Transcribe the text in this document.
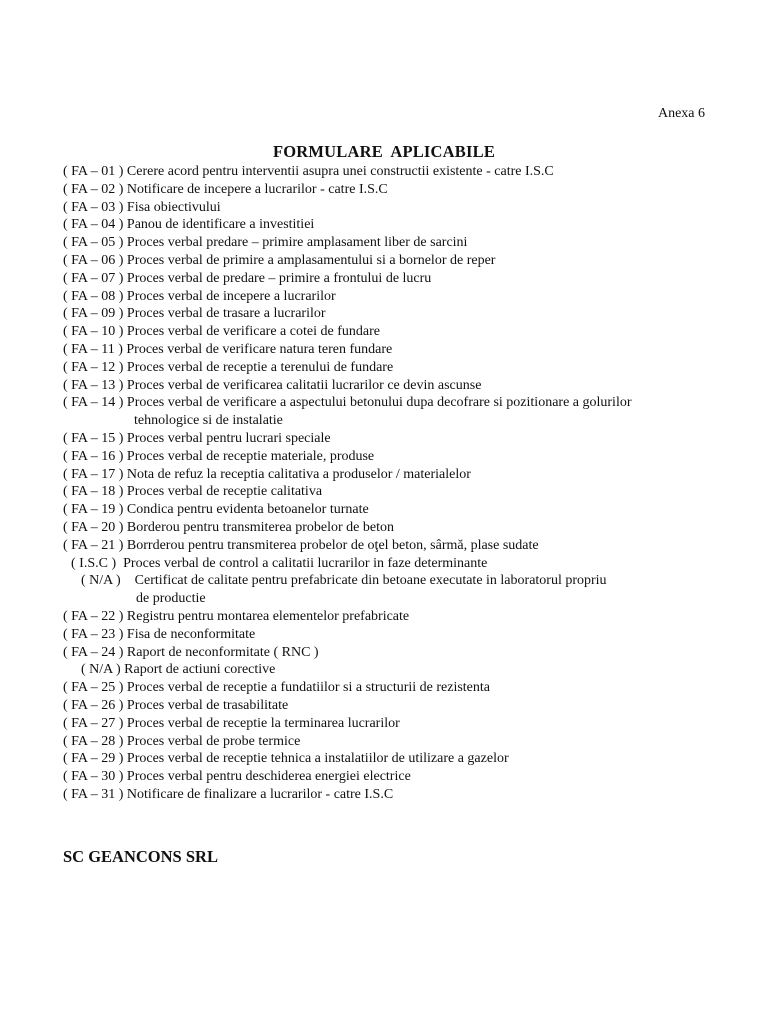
Anexa 6
FORMULARE APLICABILE
( FA – 01 ) Cerere acord pentru interventii asupra unei constructii existente - catre I.S.C
( FA – 02 ) Notificare de incepere a lucrarilor - catre I.S.C
( FA – 03 ) Fisa obiectivului
( FA – 04 ) Panou de identificare a investitiei
( FA – 05 ) Proces verbal predare – primire amplasament liber de sarcini
( FA – 06 ) Proces verbal de primire a amplasamentului si a bornelor de reper
( FA – 07 ) Proces verbal de predare – primire a frontului de lucru
( FA – 08 ) Proces verbal de incepere a lucrarilor
( FA – 09 ) Proces verbal de trasare a lucrarilor
( FA – 10 ) Proces verbal de verificare a cotei de fundare
( FA – 11 ) Proces verbal de verificare natura teren fundare
( FA – 12 ) Proces verbal de receptie a terenului de fundare
( FA – 13 ) Proces verbal de verificarea calitatii lucrarilor ce devin ascunse
( FA – 14 ) Proces verbal de verificare a aspectului betonului dupa decofrare si pozitionare a golurilor
tehnologice si de instalatie
( FA – 15 ) Proces verbal pentru lucrari speciale
( FA – 16 ) Proces verbal de receptie materiale, produse
( FA – 17 ) Nota de refuz la receptia calitativa a produselor / materialelor
( FA – 18 ) Proces verbal de receptie calitativa
( FA – 19 ) Condica pentru evidenta betoanelor turnate
( FA – 20 ) Borderou pentru transmiterea probelor de beton
( FA – 21 ) Borrderou pentru transmiterea probelor de oţel beton, sârmă, plase sudate
( I.S.C ) Proces verbal de control a calitatii lucrarilor in faze determinante
( N/A ) Certificat de calitate pentru prefabricate din betoane executate in laboratorul propriu
de productie
( FA – 22 ) Registru pentru montarea elementelor prefabricate
( FA – 23 ) Fisa de neconformitate
( FA – 24 ) Raport de neconformitate ( RNC )
( N/A ) Raport de actiuni corective
( FA – 25 ) Proces verbal de receptie a fundatiilor si a structurii de rezistenta
( FA – 26 ) Proces verbal de trasabilitate
( FA – 27 ) Proces verbal de receptie la terminarea lucrarilor
( FA – 28 ) Proces verbal de probe termice
( FA – 29 ) Proces verbal de receptie tehnica a instalatiilor de utilizare a gazelor
( FA – 30 ) Proces verbal pentru deschiderea energiei electrice
( FA – 31 ) Notificare de finalizare a lucrarilor - catre I.S.C
SC GEANCONS SRL
